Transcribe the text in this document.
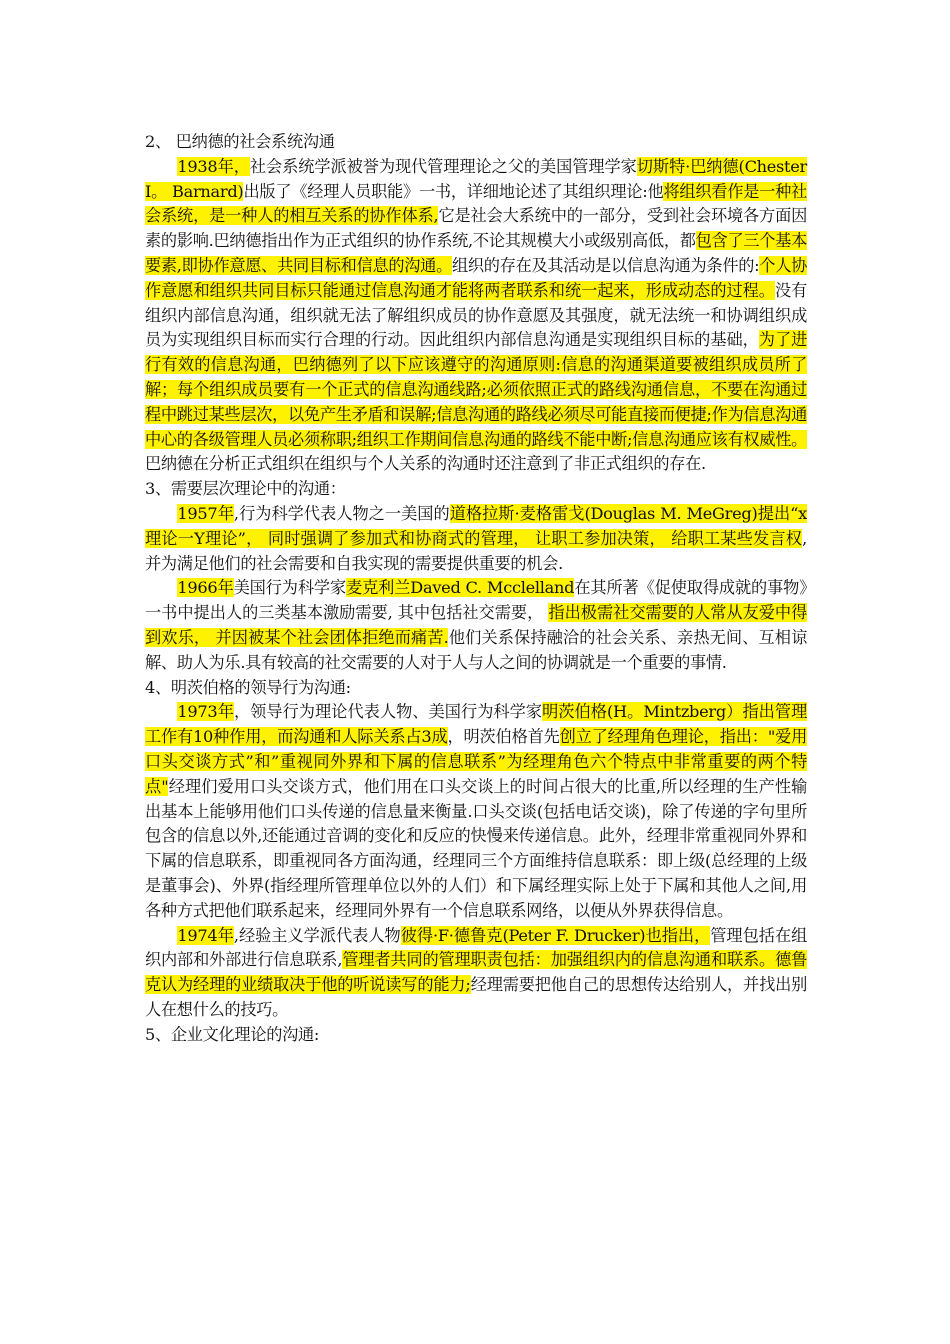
2、 巴纳德的社会系统沟通

1938年，社会系统学派被誉为现代管理理论之父的美国管理学家切斯特·巴纳德(Chester I。 Barnard)出版了《经理人员职能》一书，详细地论述了其组织理论:他将组织看作是一种社会系统，是一种人的相互关系的协作体系,它是社会大系统中的一部分，受到社会环境各方面因素的影响.巴纳德指出作为正式组织的协作系统,不论其规模大小或级别高低，都包含了三个基本要素,即协作意愿、共同目标和信息的沟通。组织的存在及其活动是以信息沟通为条件的:个人协作意愿和组织共同目标只能通过信息沟通才能将两者联系和统一起来，形成动态的过程。没有组织内部信息沟通，组织就无法了解组织成员的协作意愿及其强度，就无法统一和协调组织成员为实现组织目标而实行合理的行动。因此组织内部信息沟通是实现组织目标的基础，为了进行有效的信息沟通，巴纳德列了以下应该遵守的沟通原则:信息的沟通渠道要被组织成员所了解；每个组织成员要有一个正式的信息沟通线路;必须依照正式的路线沟通信息，不要在沟通过程中跳过某些层次，以免产生矛盾和误解;信息沟通的路线必须尽可能直接而便捷;作为信息沟通中心的各级管理人员必须称职;组织工作期间信息沟通的路线不能中断;信息沟通应该有权威性。巴纳德在分析正式组织在组织与个人关系的沟通时还注意到了非正式组织的存在.

3、需要层次理论中的沟通：

1957年,行为科学代表人物之一美国的道格拉斯·麦格雷戈(Douglas M. MeGreg)提出“x理论一Y理论”， 同时强调了参加式和协商式的管理， 让职工参加决策， 给职工某些发言权, 并为满足他们的社会需要和自我实现的需要提供重要的机会.

1966年美国行为科学家麦克利兰Daved C. Mcclelland在其所著《促使取得成就的事物》一书中提出人的三类基本激励需要, 其中包括社交需要， 指出极需社交需要的人常从友爱中得到欢乐， 并因被某个社会团体拒绝而痛苦.他们关系保持融洽的社会关系、亲热无间、互相谅解、助人为乐.具有较高的社交需要的人对于人与人之间的协调就是一个重要的事情.

4、明茨伯格的领导行为沟通:

1973年，领导行为理论代表人物、美国行为科学家明茨伯格(H。Mintzberg）指出管理工作有10种作用，而沟通和人际关系占3成，明茨伯格首先创立了经理角色理论，指出："爱用口头交谈方式”和”重视同外界和下属的信息联系”为经理角色六个特点中非常重要的两个特点"经理们爱用口头交谈方式，他们用在口头交谈上的时间占很大的比重,所以经理的生产性输出基本上能够用他们口头传递的信息量来衡量.口头交谈(包括电话交谈)，除了传递的字句里所包含的信息以外,还能通过音调的变化和反应的快慢来传递信息。此外，经理非常重视同外界和下属的信息联系，即重视同各方面沟通，经理同三个方面维持信息联系：即上级(总经理的上级是董事会)、外界(指经理所管理单位以外的人们）和下属经理实际上处于下属和其他人之间,用各种方式把他们联系起来，经理同外界有一个信息联系网络，以便从外界获得信息。

1974年,经验主义学派代表人物彼得·F·德鲁克(Peter F. Drucker)也指出，管理包括在组织内部和外部进行信息联系,管理者共同的管理职责包括：加强组织内的信息沟通和联系。德鲁克认为经理的业绩取决于他的听说读写的能力;经理需要把他自己的思想传达给别人，并找出别人在想什么的技巧。

5、企业文化理论的沟通:
